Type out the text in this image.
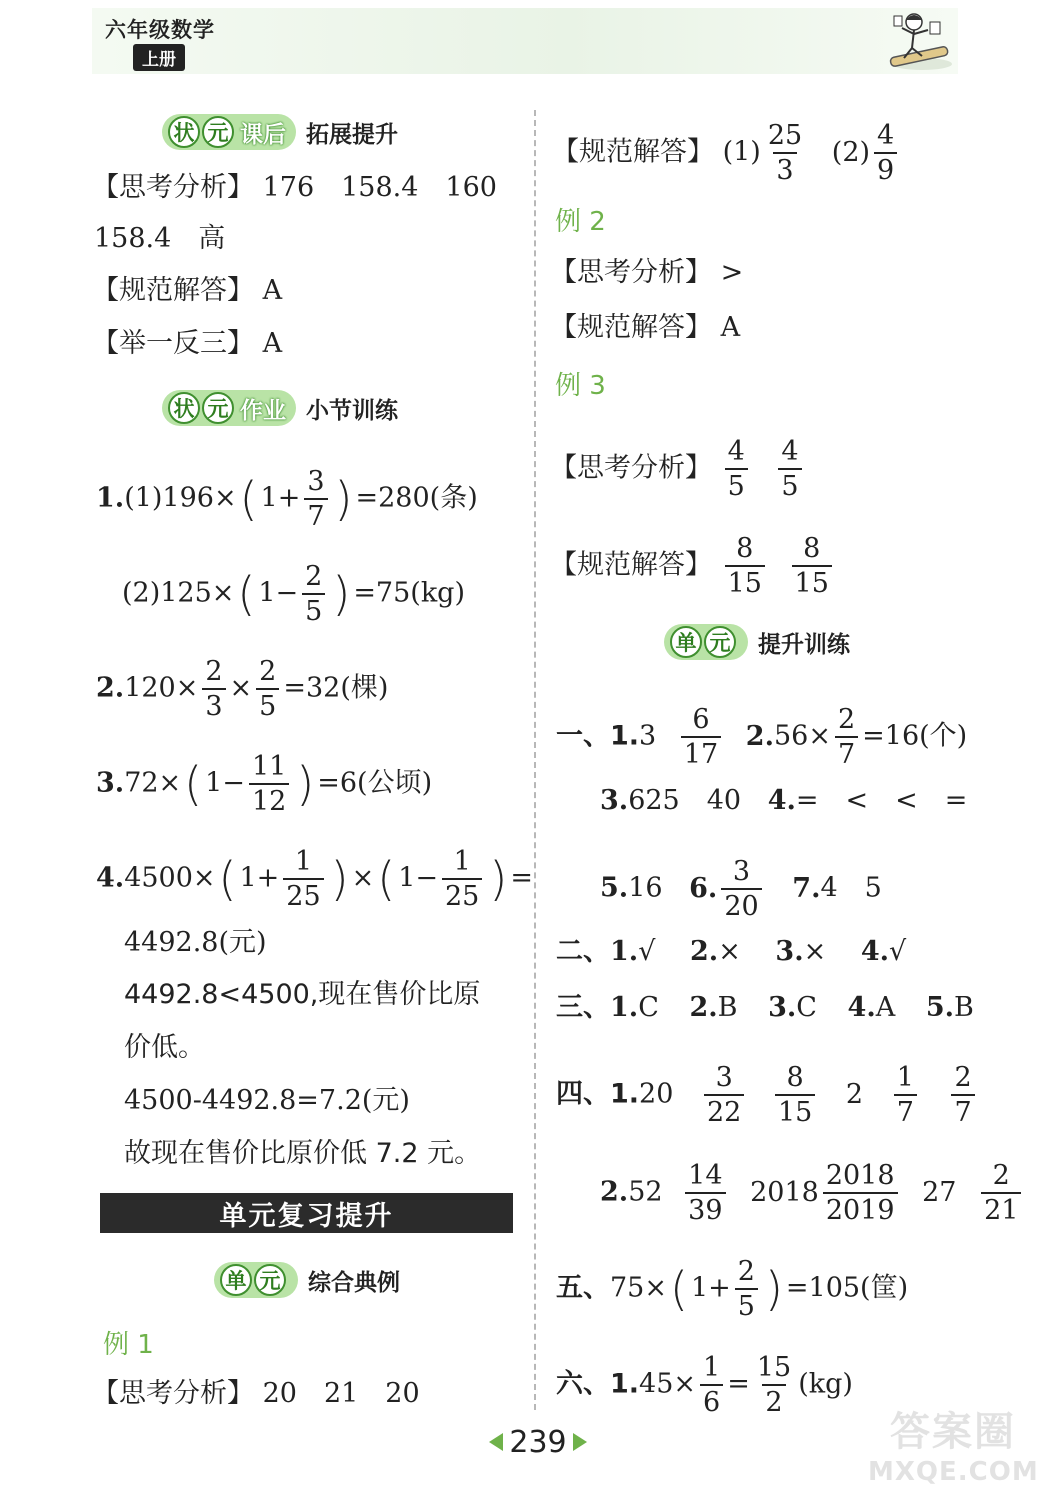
六年级数学
上册
状 元 课后 拓展提升
【思考分析】 176　158.4　160
158.4　高
【规范解答】 A
【举一反三】 A
状 元 作业 小节训练
1.(1)196×( $1+ \frac{3}{7}$ ) =280(条)
(2)125×( $1- \frac{2}{5}$ ) =75(kg)
$2.120\times \frac{2}{3} \times \frac{2}{5} =32$(棵)
3.72×( $1- \frac{11}{12}$ ) =6(公顷)
4.4500×( $1+ \frac{1}{25}$ ) ×( $1- \frac{1}{25}$ ) =
4492.8(元)
4492.8<4500,现在售价比原
价低。
4500-4492.8=7.2(元)
故现在售价比原价低 7.2 元。
单元复习提升
单 元 综合典例
例 1
【思考分析】 20　21　20
【规范解答】 $(1) \frac{25}{3} (2) \frac{4}{9}$
例 2
【思考分析】 >
【规范解答】 A
例 3
【思考分析】 $\frac{4}{5}$
$\frac{4}{5}$
【规范解答】 $\frac{8}{15}$
$\frac{8}{15}$
单 元 提升训练
一、$1.3 \frac{6}{17} 2.56\times \frac{2}{7} =16$(个)
3.625　40 4.=　<　<　=
5.16 6. $\frac{3}{20} 7.4$　5
二、1.√ 2.× 3.× 4.√
三、1.C 2.B 3.C 4.A 5.B
四、$1.20 \frac{3}{22}$
$\frac{8}{15} 2 \frac{1}{7}$
$\frac{2}{7}$
$2.52 \frac{14}{39} 2018 \frac{2018}{2019} 27 \frac{2}{21}$
五、75×( $1+ \frac{2}{5}$ ) =105(筐)
六、$1.45\times \frac{1}{6} = \frac{15}{2} (kg)$
239	答案圈
MXQE.COM
